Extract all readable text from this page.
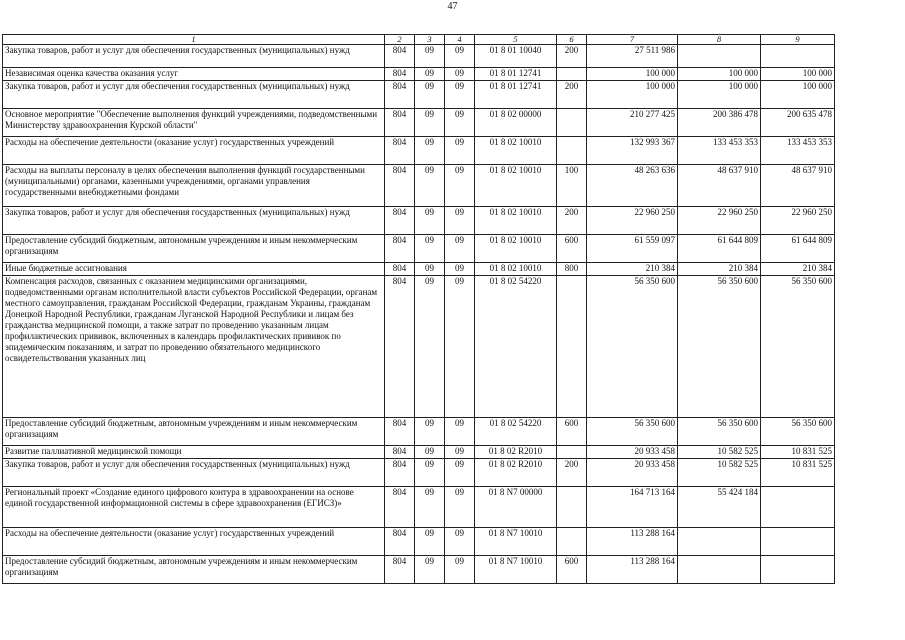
47
1	2	3	4	5	6	7	8	9
Закупка товаров, работ и услуг для обеспечения государственных (муниципальных) нужд	804	09	09	01 8 01 10040	200	27 511 986		
Независимая оценка качества оказания услуг	804	09	09	01 8 01 12741		100 000	100 000	100 000
Закупка товаров, работ и услуг для обеспечения государственных (муниципальных) нужд	804	09	09	01 8 01 12741	200	100 000	100 000	100 000
Основное мероприятие "Обеспечение выполнения функций учреждениями, подведомственными Министерству здравоохранения Курской области"	804	09	09	01 8 02 00000		210 277 425	200 386 478	200 635 478
Расходы на обеспечение деятельности (оказание услуг) государственных учреждений	804	09	09	01 8 02 10010		132 993 367	133 453 353	133 453 353
Расходы на выплаты персоналу в целях обеспечения выполнения функций государственными (муниципальными) органами, казенными учреждениями, органами управления государственными внебюджетными фондами	804	09	09	01 8 02 10010	100	48 263 636	48 637 910	48 637 910
Закупка товаров, работ и услуг для обеспечения государственных (муниципальных) нужд	804	09	09	01 8 02 10010	200	22 960 250	22 960 250	22 960 250
Предоставление субсидий бюджетным, автономным учреждениям и иным некоммерческим организациям	804	09	09	01 8 02 10010	600	61 559 097	61 644 809	61 644 809
Иные бюджетные ассигнования	804	09	09	01 8 02 10010	800	210 384	210 384	210 384
Компенсация расходов, связанных с оказанием медицинскими организациями, подведомственными органам исполнительной власти субъектов Российской Федерации, органам местного самоуправления, гражданам Российской Федерации, гражданам Украины, гражданам Донецкой Народной Республики, гражданам Луганской Народной Республики и лицам без гражданства медицинской помощи, а также затрат по проведению указанным лицам профилактических прививок, включенных в календарь профилактических прививок по эпидемическим показаниям, и затрат по проведению обязательного медицинского освидетельствования указанных лиц	804	09	09	01 8 02 54220		56 350 600	56 350 600	56 350 600
Предоставление субсидий бюджетным, автономным учреждениям и иным некоммерческим организациям	804	09	09	01 8 02 54220	600	56 350 600	56 350 600	56 350 600
Развитие паллиативной медицинской помощи	804	09	09	01 8 02 R2010		20 933 458	10 582 525	10 831 525
Закупка товаров, работ и услуг для обеспечения государственных (муниципальных) нужд	804	09	09	01 8 02 R2010	200	20 933 458	10 582 525	10 831 525
Региональный проект «Создание единого цифрового контура в здравоохранении на основе единой государственной информационной системы в сфере здравоохранения (ЕГИСЗ)»	804	09	09	01 8 N7 00000		164 713 164	55 424 184	
Расходы на обеспечение деятельности (оказание услуг) государственных учреждений	804	09	09	01 8 N7 10010		113 288 164		
Предоставление субсидий бюджетным, автономным учреждениям и иным некоммерческим организациям	804	09	09	01 8 N7 10010	600	113 288 164		
